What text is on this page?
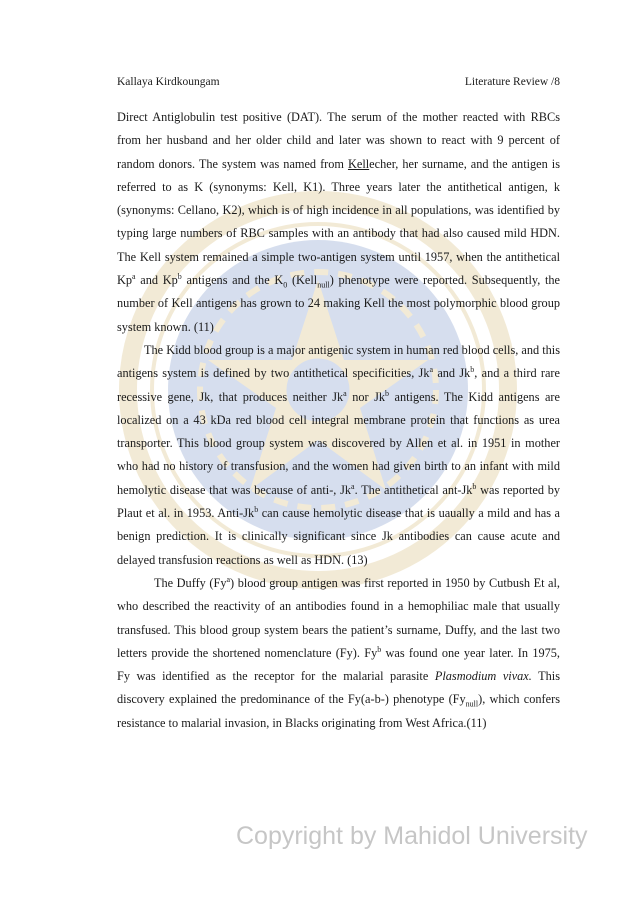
Kallaya Kirdkoungam	Literature Review /8

Direct Antiglobulin test positive (DAT). The serum of the mother reacted with RBCs from her husband and her older child and later was shown to react with 9 percent of random donors. The system was named from Kellecher, her surname, and the antigen is referred to as K (synonyms: Kell, K1). Three years later the antithetical antigen, k (synonyms: Cellano, K2), which is of high incidence in all populations, was identified by typing large numbers of RBC samples with an antibody that had also caused mild HDN. The Kell system remained a simple two-antigen system until 1957, when the antithetical Kp$^a$ and Kp$^b$ antigens and the $K_0$ (Kell$_{null}$) phenotype were reported. Subsequently, the number of Kell antigens has grown to 24 making Kell the most polymorphic blood group system known. (11)

The Kidd blood group is a major antigenic system in human red blood cells, and this antigens system is defined by two antithetical specificities, Jk$^a$ and Jk$^b$, and a third rare recessive gene, Jk, that produces neither Jk$^a$ nor Jk$^b$ antigens. The Kidd antigens are localized on a 43 kDa red blood cell integral membrane protein that functions as urea transporter. This blood group system was discovered by Allen et al. in 1951 in mother who had no history of transfusion, and the women had given birth to an infant with mild hemolytic disease that was because of anti-, Jk$^a$. The antithetical ant-Jk$^b$ was reported by Plaut et al. in 1953. Anti-Jk$^b$ can cause hemolytic disease that is uaually a mild and has a benign prediction. It is clinically significant since Jk antibodies can cause acute and delayed transfusion reactions as well as HDN. (13)

The Duffy (Fy$^a$) blood group antigen was first reported in 1950 by Cutbush Et al, who described the reactivity of an antibodies found in a hemophiliac male that usually transfused. This blood group system bears the patient’s surname, Duffy, and the last two letters provide the shortened nomenclature (Fy). Fy$^b$ was found one year later. In 1975, Fy was identified as the receptor for the malarial parasite Plasmodium vivax. This discovery explained the predominance of the Fy(a-b-) phenotype $(Fy_{null})$, which confers resistance to malarial invasion, in Blacks originating from West Africa.(11)

Copyright by Mahidol University
